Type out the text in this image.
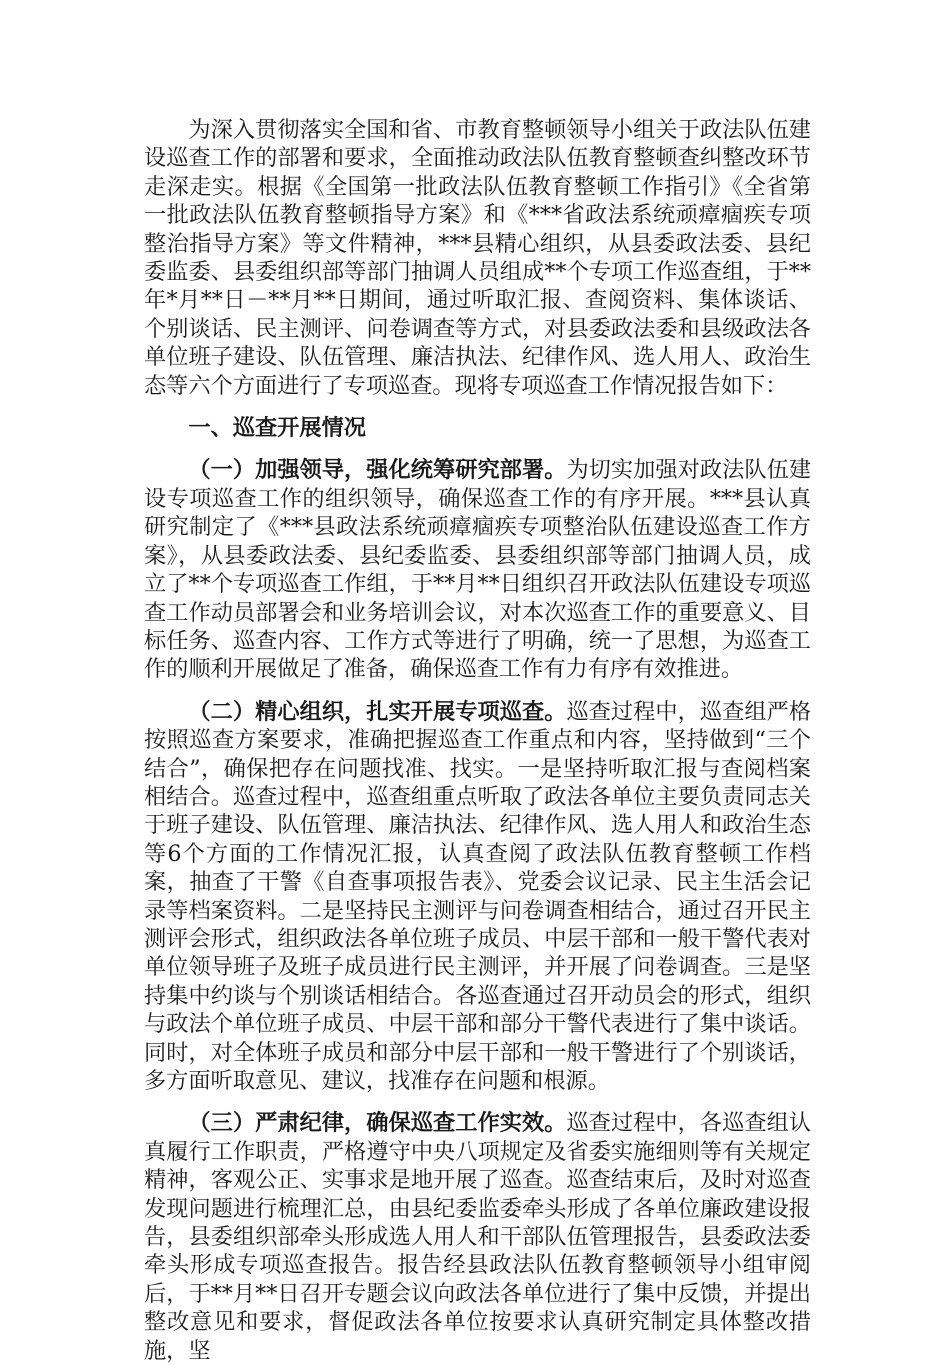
为深入贯彻落实全国和省、市教育整顿领导小组关于政法队伍建设巡查工作的部署和要求，全面推动政法队伍教育整顿查纠整改环节走深走实。根据《全国第一批政法队伍教育整顿工作指引》《全省第一批政法队伍教育整顿指导方案》和《***省政法系统顽瘴痼疾专项整治指导方案》等文件精神，***县精心组织，从县委政法委、县纪委监委、县委组织部等部门抽调人员组成**个专项工作巡查组，于**年*月**日－**月**日期间，通过听取汇报、查阅资料、集体谈话、个别谈话、民主测评、问卷调查等方式，对县委政法委和县级政法各单位班子建设、队伍管理、廉洁执法、纪律作风、选人用人、政治生态等六个方面进行了专项巡查。现将专项巡查工作情况报告如下：

一、巡查开展情况

（一）加强领导，强化统筹研究部署。为切实加强对政法队伍建设专项巡查工作的组织领导，确保巡查工作的有序开展。***县认真研究制定了《***县政法系统顽瘴痼疾专项整治队伍建设巡查工作方案》，从县委政法委、县纪委监委、县委组织部等部门抽调人员，成立了**个专项巡查工作组，于**月**日组织召开政法队伍建设专项巡查工作动员部署会和业务培训会议，对本次巡查工作的重要意义、目标任务、巡查内容、工作方式等进行了明确，统一了思想，为巡查工作的顺利开展做足了准备，确保巡查工作有力有序有效推进。

（二）精心组织，扎实开展专项巡查。巡查过程中，巡查组严格按照巡查方案要求，准确把握巡查工作重点和内容，坚持做到“三个结合”，确保把存在问题找准、找实。一是坚持听取汇报与查阅档案相结合。巡查过程中，巡查组重点听取了政法各单位主要负责同志关于班子建设、队伍管理、廉洁执法、纪律作风、选人用人和政治生态等6个方面的工作情况汇报，认真查阅了政法队伍教育整顿工作档案，抽查了干警《自查事项报告表》、党委会议记录、民主生活会记录等档案资料。二是坚持民主测评与问卷调查相结合，通过召开民主测评会形式，组织政法各单位班子成员、中层干部和一般干警代表对单位领导班子及班子成员进行民主测评，并开展了问卷调查。三是坚持集中约谈与个别谈话相结合。各巡查通过召开动员会的形式，组织与政法个单位班子成员、中层干部和部分干警代表进行了集中谈话。同时，对全体班子成员和部分中层干部和一般干警进行了个别谈话，多方面听取意见、建议，找准存在问题和根源。

（三）严肃纪律，确保巡查工作实效。巡查过程中，各巡查组认真履行工作职责，严格遵守中央八项规定及省委实施细则等有关规定精神，客观公正、实事求是地开展了巡查。巡查结束后，及时对巡查发现问题进行梳理汇总，由县纪委监委牵头形成了各单位廉政建设报告，县委组织部牵头形成选人用人和干部队伍管理报告，县委政法委牵头形成专项巡查报告。报告经县政法队伍教育整顿领导小组审阅后，于**月**日召开专题会议向政法各单位进行了集中反馈，并提出整改意见和要求，督促政法各单位按要求认真研究制定具体整改措施，坚
